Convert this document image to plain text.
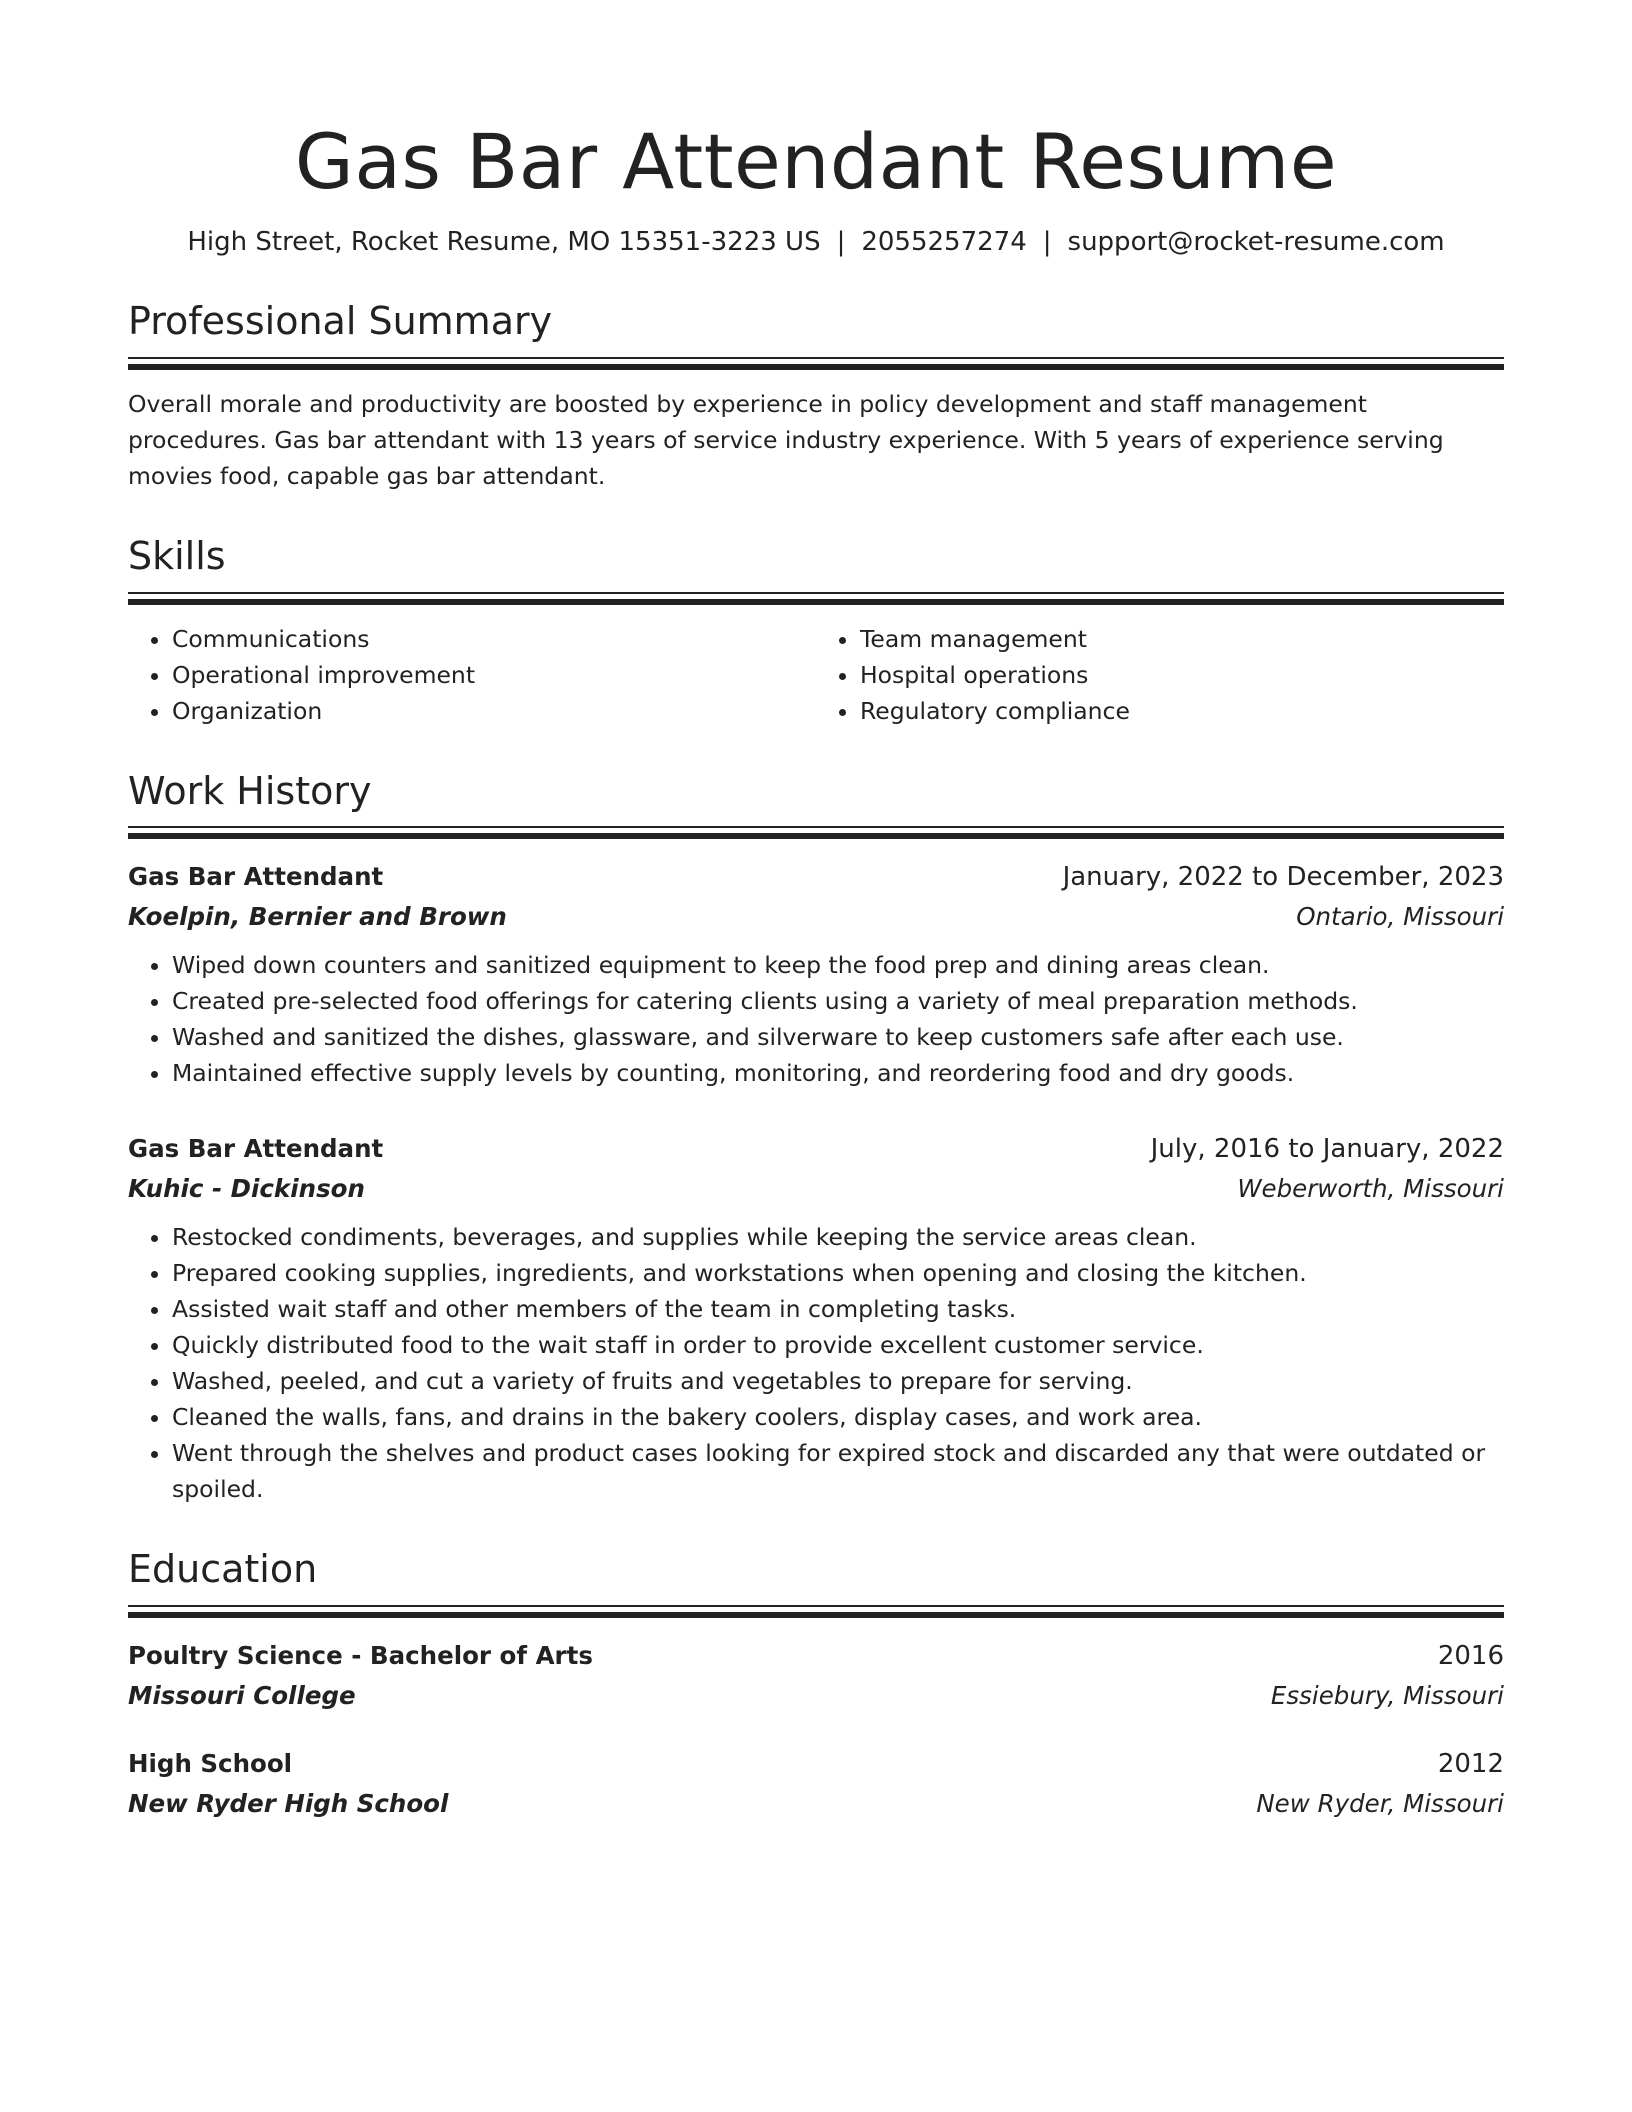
Gas Bar Attendant Resume
High Street, Rocket Resume, MO 15351-3223 US | 2055257274 | support@rocket-resume.com
Professional Summary
Overall morale and productivity are boosted by experience in policy development and staff management procedures. Gas bar attendant with 13 years of service industry experience. With 5 years of experience serving movies food, capable gas bar attendant.
Skills
• Communications
• Operational improvement
• Organization
• Team management
• Hospital operations
• Regulatory compliance
Work History
Gas Bar Attendant	January, 2022 to December, 2023
Koelpin, Bernier and Brown	Ontario, Missouri
• Wiped down counters and sanitized equipment to keep the food prep and dining areas clean.
• Created pre-selected food offerings for catering clients using a variety of meal preparation methods.
• Washed and sanitized the dishes, glassware, and silverware to keep customers safe after each use.
• Maintained effective supply levels by counting, monitoring, and reordering food and dry goods.
Gas Bar Attendant	July, 2016 to January, 2022
Kuhic - Dickinson	Weberworth, Missouri
• Restocked condiments, beverages, and supplies while keeping the service areas clean.
• Prepared cooking supplies, ingredients, and workstations when opening and closing the kitchen.
• Assisted wait staff and other members of the team in completing tasks.
• Quickly distributed food to the wait staff in order to provide excellent customer service.
• Washed, peeled, and cut a variety of fruits and vegetables to prepare for serving.
• Cleaned the walls, fans, and drains in the bakery coolers, display cases, and work area.
• Went through the shelves and product cases looking for expired stock and discarded any that were outdated or spoiled.
Education
Poultry Science - Bachelor of Arts	2016
Missouri College	Essiebury, Missouri
High School	2012
New Ryder High School	New Ryder, Missouri
